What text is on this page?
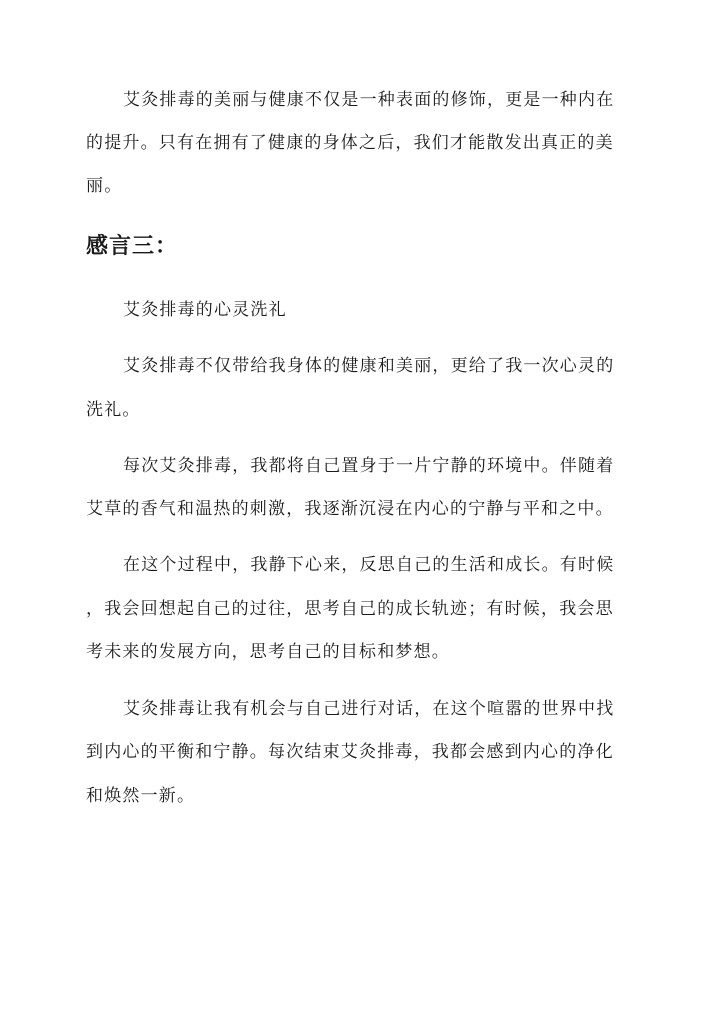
艾灸排毒的美丽与健康不仅是一种表面的修饰，更是一种内在
的提升。只有在拥有了健康的身体之后，我们才能散发出真正的美
丽。
感言三：
艾灸排毒的心灵洗礼
艾灸排毒不仅带给我身体的健康和美丽，更给了我一次心灵的
洗礼。
每次艾灸排毒，我都将自己置身于一片宁静的环境中。伴随着
艾草的香气和温热的刺激，我逐渐沉浸在内心的宁静与平和之中。
在这个过程中，我静下心来，反思自己的生活和成长。有时候
，我会回想起自己的过往，思考自己的成长轨迹；有时候，我会思
考未来的发展方向，思考自己的目标和梦想。
艾灸排毒让我有机会与自己进行对话，在这个喧嚣的世界中找
到内心的平衡和宁静。每次结束艾灸排毒，我都会感到内心的净化
和焕然一新。
